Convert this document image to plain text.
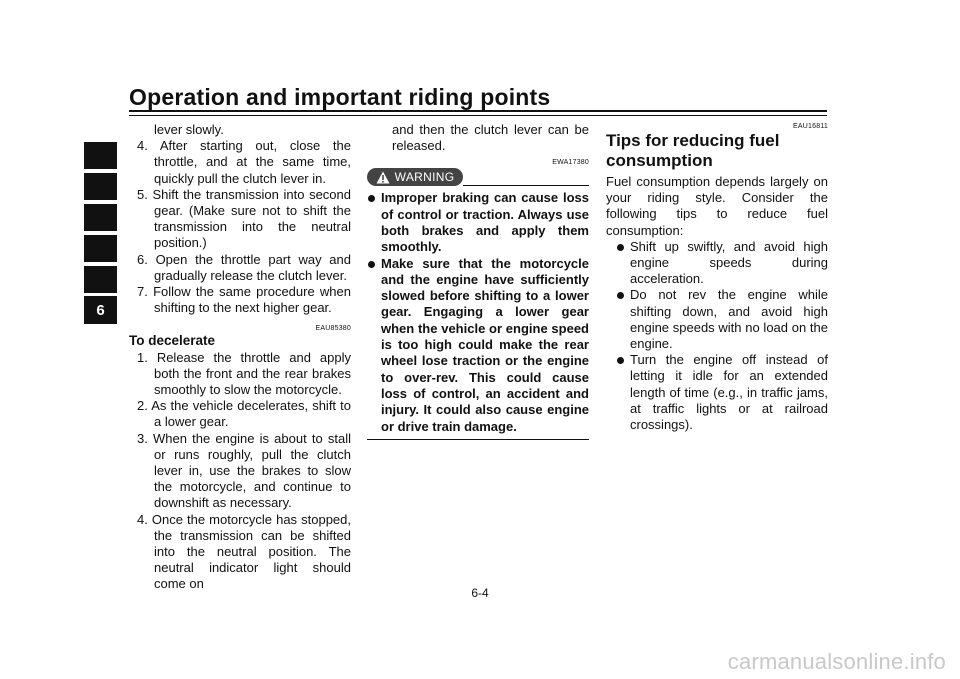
Operation and important riding points
6

lever slowly.

4. After starting out, close the throttle, and at the same time, quickly pull the clutch lever in.

5. Shift the transmission into second gear. (Make sure not to shift the transmission into the neutral position.)

6. Open the throttle part way and gradually release the clutch lever.

7. Follow the same procedure when shifting to the next higher gear.

EAU85380

To decelerate

1. Release the throttle and apply both the front and the rear brakes smoothly to slow the motorcycle.

2. As the vehicle decelerates, shift to a lower gear.

3. When the engine is about to stall or runs roughly, pull the clutch lever in, use the brakes to slow the motorcycle, and continue to downshift as necessary.

4. Once the motorcycle has stopped, the transmission can be shifted into the neutral position. The neutral indicator light should come on

and then the clutch lever can be released.

EWA17380
WARNING

Improper braking can cause loss of control or traction. Always use both brakes and apply them smoothly.

Make sure that the motorcycle and the engine have sufficiently slowed before shifting to a lower gear. Engaging a lower gear when the vehicle or engine speed is too high could make the rear wheel lose traction or the engine to over-rev. This could cause loss of control, an accident and injury. It could also cause engine or drive train damage.

EAU16811

Tips for reducing fuel consumption

Fuel consumption depends largely on your riding style. Consider the following tips to reduce fuel consumption:

Shift up swiftly, and avoid high engine speeds during acceleration.

Do not rev the engine while shifting down, and avoid high engine speeds with no load on the engine.

Turn the engine off instead of letting it idle for an extended length of time (e.g., in traffic jams, at traffic lights or at railroad crossings).

6-4
carmanualsonline.info
